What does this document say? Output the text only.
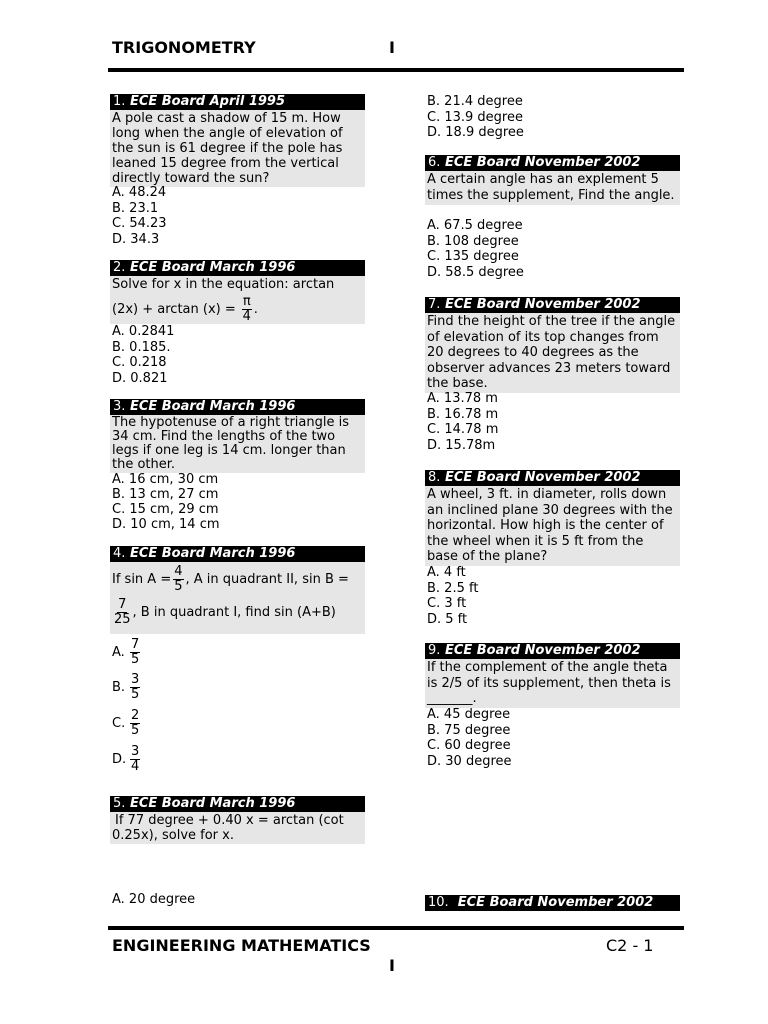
TRIGONOMETRY	I
1. ECE Board April 1995
A pole cast a shadow of 15 m. How long when the angle of elevation of the sun is 61 degree if the pole has leaned 15 degree from the vertical directly toward the sun?
A. 48.24
B. 23.1
C. 54.23
D. 34.3
2. ECE Board March 1996
Solve for x in the equation: arctan
$(2x) + \arctan (x) = \frac{\pi}{4}$ .
A. 0.2841
B. 0.185.
C. 0.218
D. 0.821
3. ECE Board March 1996
The hypotenuse of a right triangle is 34 cm. Find the lengths of the two legs if one leg is 14 cm. longer than the other.
A. 16 cm, 30 cm
B. 13 cm, 27 cm
C. 15 cm, 29 cm
D. 10 cm, 14 cm
4. ECE Board March 1996
If $\sin A = \frac{4}{5}$ , A in quadrant II, sin B =
$\frac{7}{25}$ , B in quadrant I, find sin (A+B)
A. $\frac{7}{5}$
B. $\frac{3}{5}$
C. $\frac{2}{5}$
D. $\frac{3}{4}$
5. ECE Board March 1996
If 77 degree + 0.40 x = arctan (cot 0.25x), solve for x.
A. 20 degree
B. 21.4 degree
C. 13.9 degree
D. 18.9 degree
6. ECE Board November 2002
A certain angle has an explement 5 times the supplement, Find the angle.
A. 67.5 degree
B. 108 degree
C. 135 degree
D. 58.5 degree
7. ECE Board November 2002
Find the height of the tree if the angle of elevation of its top changes from 20 degrees to 40 degrees as the observer advances 23 meters toward the base.
A. 13.78 m
B. 16.78 m
C. 14.78 m
D. 15.78m
8. ECE Board November 2002
A wheel, 3 ft. in diameter, rolls down an inclined plane 30 degrees with the horizontal. How high is the center of the wheel when it is 5 ft from the base of the plane?
A. 4 ft
B. 2.5 ft
C. 3 ft
D. 5 ft
9. ECE Board November 2002
If the complement of the angle theta is 2/5 of its supplement, then theta is _______.
A. 45 degree
B. 75 degree
C. 60 degree
D. 30 degree
10. ECE Board November 2002
ENGINEERING MATHEMATICS	C2 - 1
I
